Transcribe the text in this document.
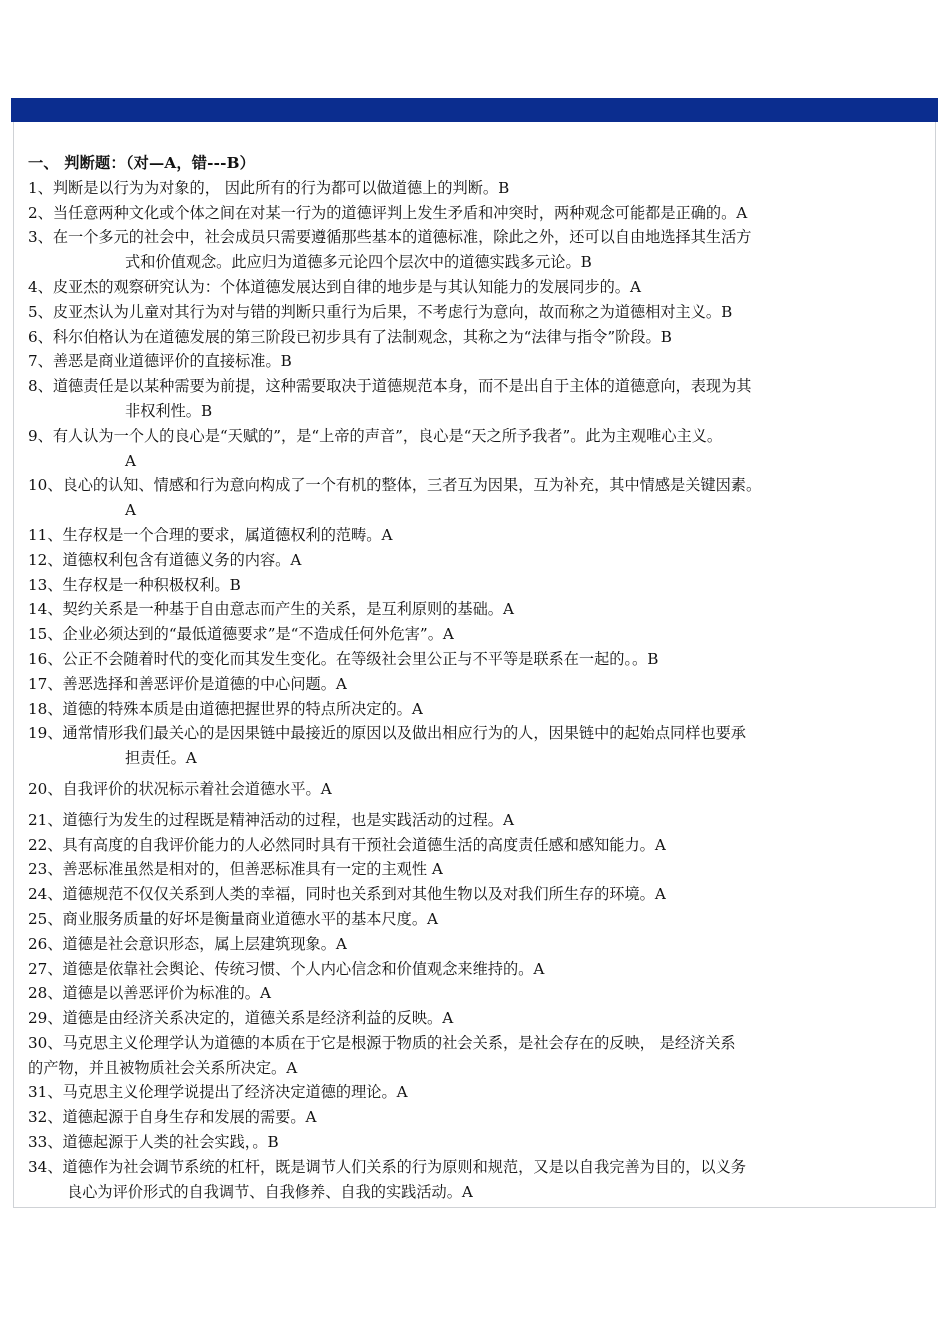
一、 判断题：（对—A，错---B）
1、判断是以行为为对象的， 因此所有的行为都可以做道德上的判断。B
2、当任意两种文化或个体之间在对某一行为的道德评判上发生矛盾和冲突时，两种观念可能都是正确的。A
3、在一个多元的社会中，社会成员只需要遵循那些基本的道德标准，除此之外，还可以自由地选择其生活方
式和价值观念。此应归为道德多元论四个层次中的道德实践多元论。B
4、皮亚杰的观察研究认为：个体道德发展达到自律的地步是与其认知能力的发展同步的。A
5、皮亚杰认为儿童对其行为对与错的判断只重行为后果，不考虑行为意向，故而称之为道德相对主义。B
6、科尔伯格认为在道德发展的第三阶段已初步具有了法制观念，其称之为“法律与指令”阶段。B
7、善恶是商业道德评价的直接标准。B
8、道德责任是以某种需要为前提，这种需要取决于道德规范本身，而不是出自于主体的道德意向，表现为其
非权利性。B
9、有人认为一个人的良心是“天赋的”，是“上帝的声音”，良心是“天之所予我者”。此为主观唯心主义。
A
10、良心的认知、情感和行为意向构成了一个有机的整体，三者互为因果，互为补充，其中情感是关键因素。
A
11、生存权是一个合理的要求，属道德权利的范畴。A
12、道德权利包含有道德义务的内容。A
13、生存权是一种积极权利。B
14、契约关系是一种基于自由意志而产生的关系，是互利原则的基础。A
15、企业必须达到的“最低道德要求”是“不造成任何外危害”。A
16、公正不会随着时代的变化而其发生变化。在等级社会里公正与不平等是联系在一起的。。B
17、善恶选择和善恶评价是道德的中心问题。A
18、道德的特殊本质是由道德把握世界的特点所决定的。A
19、通常情形我们最关心的是因果链中最接近的原因以及做出相应行为的人，因果链中的起始点同样也要承
担责任。A
20、自我评价的状况标示着社会道德水平。A
21、道德行为发生的过程既是精神活动的过程，也是实践活动的过程。A
22、具有高度的自我评价能力的人必然同时具有干预社会道德生活的高度责任感和感知能力。A
23、善恶标准虽然是相对的，但善恶标准具有一定的主观性 A
24、道德规范不仅仅关系到人类的幸福，同时也关系到对其他生物以及对我们所生存的环境。A
25、商业服务质量的好坏是衡量商业道德水平的基本尺度。A
26、道德是社会意识形态，属上层建筑现象。A
27、道德是依靠社会舆论、传统习惯、个人内心信念和价值观念来维持的。A
28、道德是以善恶评价为标准的。A
29、道德是由经济关系决定的，道德关系是经济利益的反映。A
30、马克思主义伦理学认为道德的本质在于它是根源于物质的社会关系，是社会存在的反映， 是经济关系
的产物，并且被物质社会关系所决定。A
31、马克思主义伦理学说提出了经济决定道德的理论。A
32、道德起源于自身生存和发展的需要。A
33、道德起源于人类的社会实践，。B
34、道德作为社会调节系统的杠杆，既是调节人们关系的行为原则和规范，又是以自我完善为目的，以义务
良心为评价形式的自我调节、自我修养、自我的实践活动。A
